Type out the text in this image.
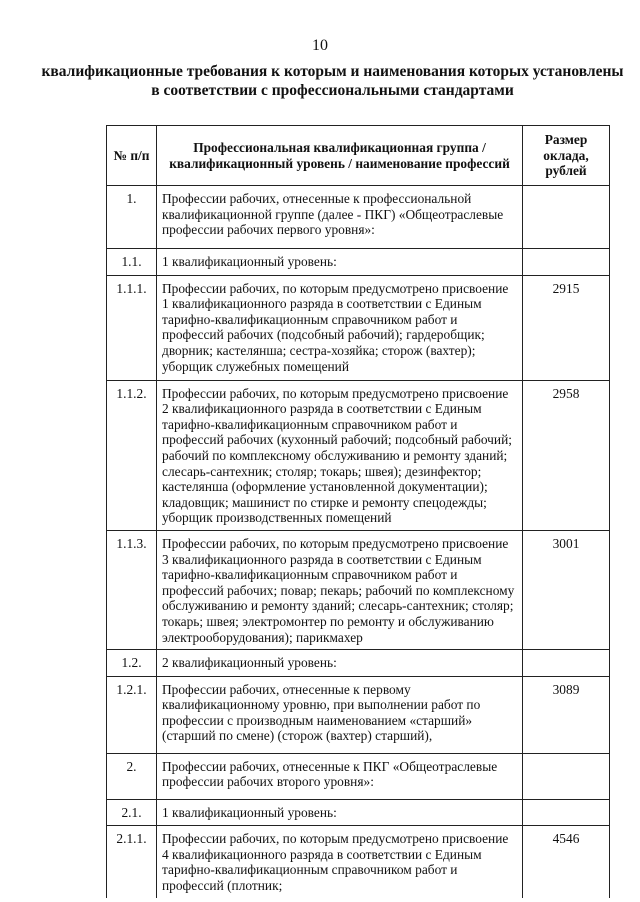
10
квалификационные требования к которым и наименования которых установлены в соответствии с профессиональными стандартами
№ п/п	Профессиональная квалификационная группа / квалификационный уровень / наименование профессий	Размер оклада, рублей
1.	Профессии рабочих, отнесенные к профессиональной квалификационной группе (далее - ПКГ) «Общеотраслевые профессии рабочих первого уровня»:	
1.1.	1 квалификационный уровень:	
1.1.1.	Профессии рабочих, по которым предусмотрено присвоение 1 квалификационного разряда в соответствии с Единым тарифно-квалификационным справочником работ и профессий рабочих (подсобный рабочий); гардеробщик; дворник; кастелянша; сестра-хозяйка; сторож (вахтер); уборщик служебных помещений	2915
1.1.2.	Профессии рабочих, по которым предусмотрено присвоение 2 квалификационного разряда в соответствии с Единым тарифно-квалификационным справочником работ и профессий рабочих (кухонный рабочий; подсобный рабочий; рабочий по комплексному обслуживанию и ремонту зданий; слесарь-сантехник; столяр; токарь; швея); дезинфектор; кастелянша (оформление установленной документации); кладовщик; машинист по стирке и ремонту спецодежды; уборщик производственных помещений	2958
1.1.3.	Профессии рабочих, по которым предусмотрено присвоение 3 квалификационного разряда в соответствии с Единым тарифно-квалификационным справочником работ и профессий рабочих; повар; пекарь; рабочий по комплексному обслуживанию и ремонту зданий; слесарь-сантехник; столяр; токарь; швея; электромонтер по ремонту и обслуживанию электрооборудования); парикмахер	3001
1.2.	2 квалификационный уровень:	
1.2.1.	Профессии рабочих, отнесенные к первому квалификационному уровню, при выполнении работ по профессии с производным наименованием «старший» (старший по смене) (сторож (вахтер) старший),	3089
2.	Профессии рабочих, отнесенные к ПКГ «Общеотраслевые профессии рабочих второго уровня»:	
2.1.	1 квалификационный уровень:	
2.1.1.	Профессии рабочих, по которым предусмотрено присвоение 4 квалификационного разряда в соответствии с Единым тарифно-квалификационным справочником работ и профессий (плотник;	4546
